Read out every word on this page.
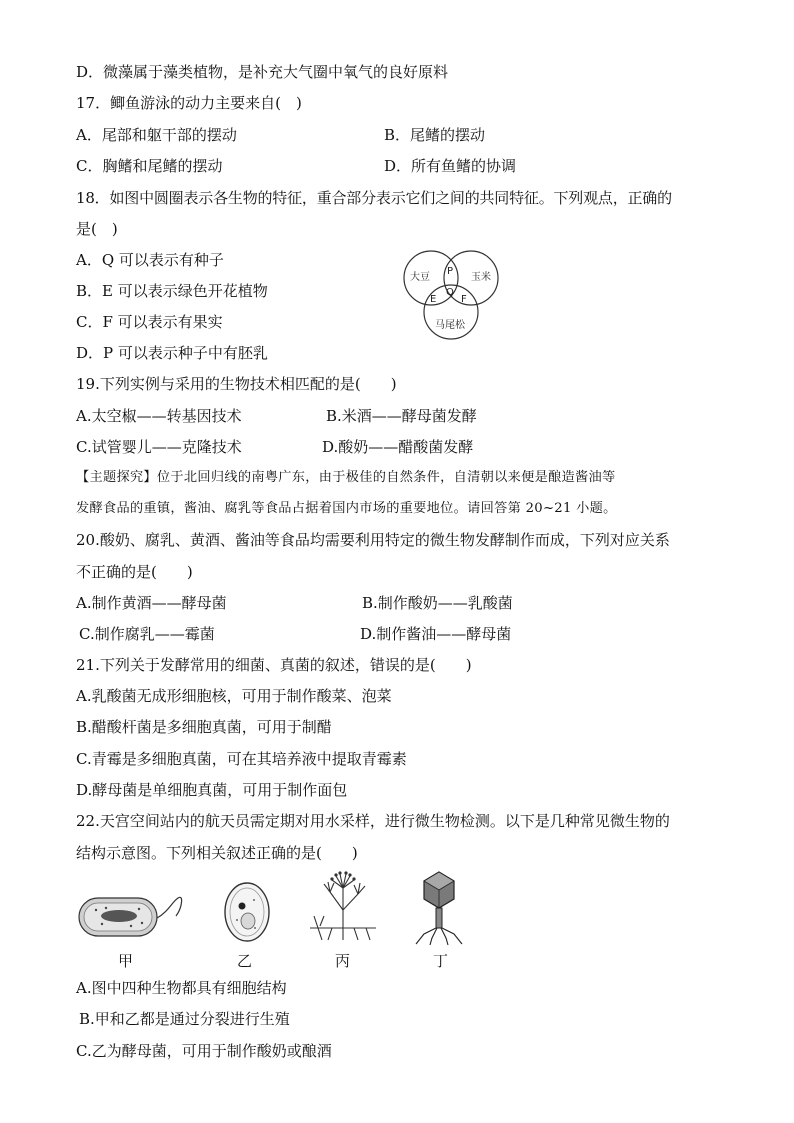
D．微藻属于藻类植物，是补充大气圈中氧气的良好原料
17．鲫鱼游泳的动力主要来自(　)
A．尾部和躯干部的摆动	B．尾鳍的摆动
C．胸鳍和尾鳍的摆动	D．所有鱼鳍的协调
18．如图中圆圈表示各生物的特征，重合部分表示它们之间的共同特征。下列观点，正确的
是(　)
A．Q 可以表示有种子
B．E 可以表示绿色开花植物
C．F 可以表示有果实
D．P 可以表示种子中有胚乳
大豆	玉米
马尾松
P
Q
E F
19.下列实例与采用的生物技术相匹配的是(　　)
A.太空椒——转基因技术	B.米酒——酵母菌发酵
C.试管婴儿——克隆技术	D.酸奶——醋酸菌发酵
【主题探究】位于北回归线的南粤广东，由于极佳的自然条件，自清朝以来便是酿造酱油等
发酵食品的重镇，酱油、腐乳等食品占据着国内市场的重要地位。请回答第 20~21 小题。
20.酸奶、腐乳、黄酒、酱油等食品均需要利用特定的微生物发酵制作而成，下列对应关系
不正确的是(　　)
A.制作黄酒——酵母菌	B.制作酸奶——乳酸菌
C.制作腐乳——霉菌	D.制作酱油——酵母菌
21.下列关于发酵常用的细菌、真菌的叙述，错误的是(　　)
A.乳酸菌无成形细胞核，可用于制作酸菜、泡菜
B.醋酸杆菌是多细胞真菌，可用于制醋
C.青霉是多细胞真菌，可在其培养液中提取青霉素
D.酵母菌是单细胞真菌，可用于制作面包
22.天宫空间站内的航天员需定期对用水采样，进行微生物检测。以下是几种常见微生物的
结构示意图。下列相关叙述正确的是(　　)
甲	乙	丙	丁
A.图中四种生物都具有细胞结构
B.甲和乙都是通过分裂进行生殖
C.乙为酵母菌，可用于制作酸奶或酿酒
